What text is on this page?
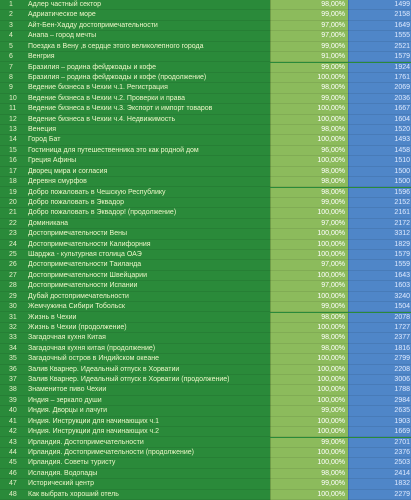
1	Адлер частный сектор	98,00%	1499
2	Адриатическое море	99,00%	2158
3	Айт-Бен-Хадду достопримечательности	97,00%	1649
4	Анапа – город мечты	97,00%	1555
5	Поездка в Вену ,в сердце этого великолепного города	99,00%	2521
6	Венгрия	91,00%	1579
7	Бразилия – родина фейджоады и кофе	99,00%	1924
8	Бразилия – родина фейджоады и кофе (продолжение)	100,00%	1761
9	Ведение бизнеса в Чехии ч.1. Регистрация	98,00%	2069
10	Ведение бизнеса в Чехии ч.2. Проверки и права	99,00%	2036
11	Ведение бизнеса в Чехии ч.3. Экспорт и импорт товаров	100,00%	1667
12	Ведение бизнеса в Чехии ч.4. Недвижимость	100,00%	1604
13	Венеция	98,00%	1520
14	Город Бат	100,00%	1493
15	Гостиница для путешественника это как родной дом	96,00%	1458
16	Греция Афины	100,00%	1510
17	Дворец мира и согласия	98,00%	1500
18	Деревня смурфов	98,00%	1500
19	Добро пожаловать в Чешскую Республику	98,00%	1596
20	Добро пожаловать в Эквадор	99,00%	2152
21	Добро пожаловать в Эквадор! (продолжение)	100,00%	2161
22	Доминикана	97,00%	2172
23	Достопримечательности Вены	100,00%	3312
24	Достопримечательности Калифорния	100,00%	1829
25	Шарджа - культурная столица ОАЭ	100,00%	1579
26	Достопримечательности Таиланда	97,00%	1559
27	Достопримечательности Швейцарии	100,00%	1643
28	Достопримечательности Испании	97,00%	1603
29	Дубай достопримечательности	100,00%	3240
30	Жемчужина Сибири Тобольск	99,00%	1504
31	Жизнь в Чехии	98,00%	2078
32	Жизнь в Чехии (продолжение)	100,00%	1727
33	Загадочная кухня Китая	98,00%	2377
34	Загадочная кухня китая (продолжение)	98,00%	1816
35	Загадочный остров в Индийском океане	100,00%	2799
36	Залив Кварнер. Идеальный отпуск в Хорватии	100,00%	2208
37	Залив Кварнер. Идеальный отпуск в Хорватии (продолжение)	100,00%	3006
38	Знаменитое пиво Чехии	100,00%	1788
39	Индия – зеркало души	100,00%	2984
40	Индия. Дворцы и лачуги	99,00%	2635
41	Индия. Инструкции для начинающих ч.1	100,00%	1903
42	Индия. Инструкции для начинающих ч.2	100,00%	1669
43	Ирландия. Достопримечательности	99,00%	2701
44	Ирландия. Достопримечательности (продолжение)	100,00%	2376
45	Ирландия. Советы туристу	100,00%	2503
46	Исландия. Водопады	98,00%	2414
47	Исторический центр	99,00%	1832
48	Как выбрать хороший отель	100,00%	2279
